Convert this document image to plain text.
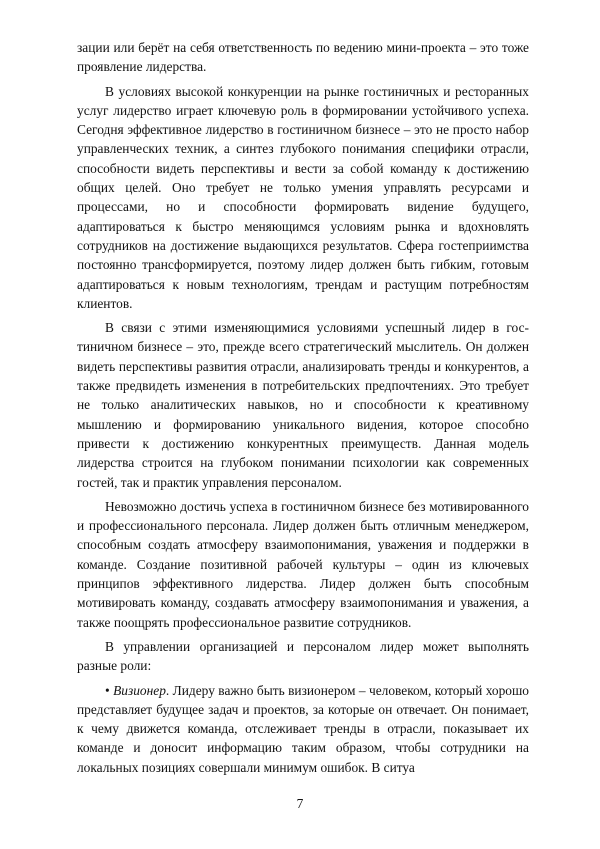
зации или берёт на себя ответственность по ведению мини-проекта – это тоже проявление лидерства.

В условиях высокой конкуренции на рынке гостиничных и ресторанных услуг лидерство играет ключевую роль в формировании устойчивого успеха. Сегодня эффективное лидерство в гостиничном бизнесе – это не просто набор управленческих техник, а синтез глубокого понимания специфики отрасли, способности видеть перспективы и вести за собой команду к достижению общих целей. Оно требует не только умения управлять ресурсами и процессами, но и способности формировать видение будущего, адаптироваться к быстро меняющимся условиям рынка и вдохновлять сотрудников на достижение выдающихся результатов. Сфера гостеприимства постоянно трансформируется, поэтому лидер должен быть гибким, готовым адаптироваться к новым технологиям, трендам и растущим потребностям клиентов.

В связи с этими изменяющимися условиями успешный лидер в гостиничном бизнесе – это, прежде всего стратегический мыслитель. Он должен видеть перспективы развития отрасли, анализировать тренды и конкурентов, а также предвидеть изменения в потребительских предпочтениях. Это требует не только аналитических навыков, но и способности к креативному мышлению и формированию уникального видения, которое способно привести к достижению конкурентных преимуществ. Данная модель лидерства строится на глубоком понимании психологии как современных гостей, так и практик управления персоналом.

Невозможно достичь успеха в гостиничном бизнесе без мотивированного и профессионального персонала. Лидер должен быть отличным менеджером, способным создать атмосферу взаимопонимания, уважения и поддержки в команде. Создание позитивной рабочей культуры – один из ключевых принципов эффективного лидерства. Лидер должен быть способным мотивировать команду, создавать атмосферу взаимопонимания и уважения, а также поощрять профессиональное развитие сотрудников.

В управлении организацией и персоналом лидер может выполнять разные роли:

• Визионер. Лидеру важно быть визионером – человеком, который хорошо представляет будущее задач и проектов, за которые он отвечает. Он понимает, к чему движется команда, отслеживает тренды в отрасли, показывает их команде и доносит информацию таким образом, чтобы сотрудники на локальных позициях совершали минимум ошибок. В ситуа

7
